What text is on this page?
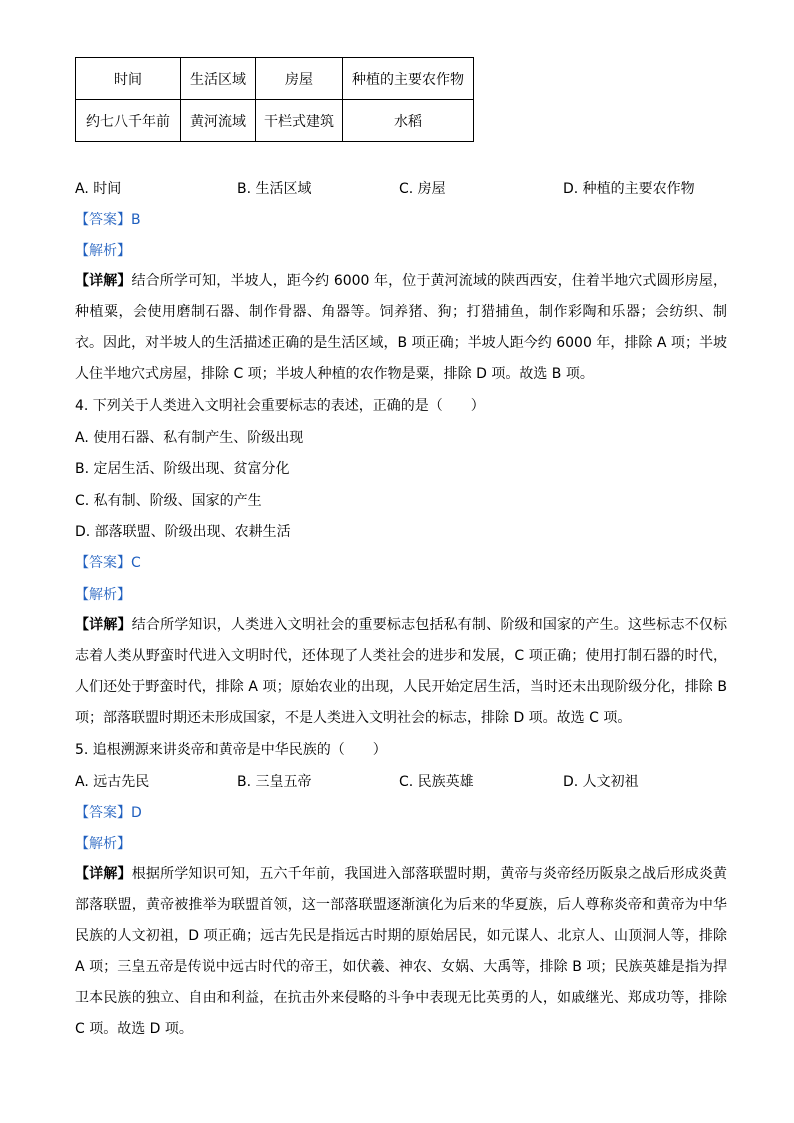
时间	生活区域	房屋	种植的主要农作物
约七八千年前	黄河流域	干栏式建筑	水稻
A. 时间	B. 生活区域	C. 房屋	D. 种植的主要农作物
【答案】B
【解析】
【详解】结合所学可知，半坡人，距今约 6000 年，位于黄河流域的陕西西安，住着半地穴式圆形房屋，种植粟，会使用磨制石器、制作骨器、角器等。饲养猪、狗；打猎捕鱼，制作彩陶和乐器；会纺织、制衣。因此，对半坡人的生活描述正确的是生活区域，B 项正确；半坡人距今约 6000 年，排除 A 项；半坡人住半地穴式房屋，排除 C 项；半坡人种植的农作物是粟，排除 D 项。故选 B 项。
4. 下列关于人类进入文明社会重要标志的表述，正确的是（　　）
A. 使用石器、私有制产生、阶级出现
B. 定居生活、阶级出现、贫富分化
C. 私有制、阶级、国家的产生
D. 部落联盟、阶级出现、农耕生活
【答案】C
【解析】
【详解】结合所学知识，人类进入文明社会的重要标志包括私有制、阶级和国家的产生。这些标志不仅标志着人类从野蛮时代进入文明时代，还体现了人类社会的进步和发展，C 项正确；使用打制石器的时代，人们还处于野蛮时代，排除 A 项；原始农业的出现，人民开始定居生活，当时还未出现阶级分化，排除 B 项；部落联盟时期还未形成国家，不是人类进入文明社会的标志，排除 D 项。故选 C 项。
5. 追根溯源来讲炎帝和黄帝是中华民族的（　　）
A. 远古先民	B. 三皇五帝	C. 民族英雄	D. 人文初祖
【答案】D
【解析】
【详解】根据所学知识可知，五六千年前，我国进入部落联盟时期，黄帝与炎帝经历阪泉之战后形成炎黄部落联盟，黄帝被推举为联盟首领，这一部落联盟逐渐演化为后来的华夏族，后人尊称炎帝和黄帝为中华民族的人文初祖，D 项正确；远古先民是指远古时期的原始居民，如元谋人、北京人、山顶洞人等，排除 A 项；三皇五帝是传说中远古时代的帝王，如伏羲、神农、女娲、大禹等，排除 B 项；民族英雄是指为捍卫本民族的独立、自由和利益，在抗击外来侵略的斗争中表现无比英勇的人，如戚继光、郑成功等，排除 C 项。故选 D 项。
